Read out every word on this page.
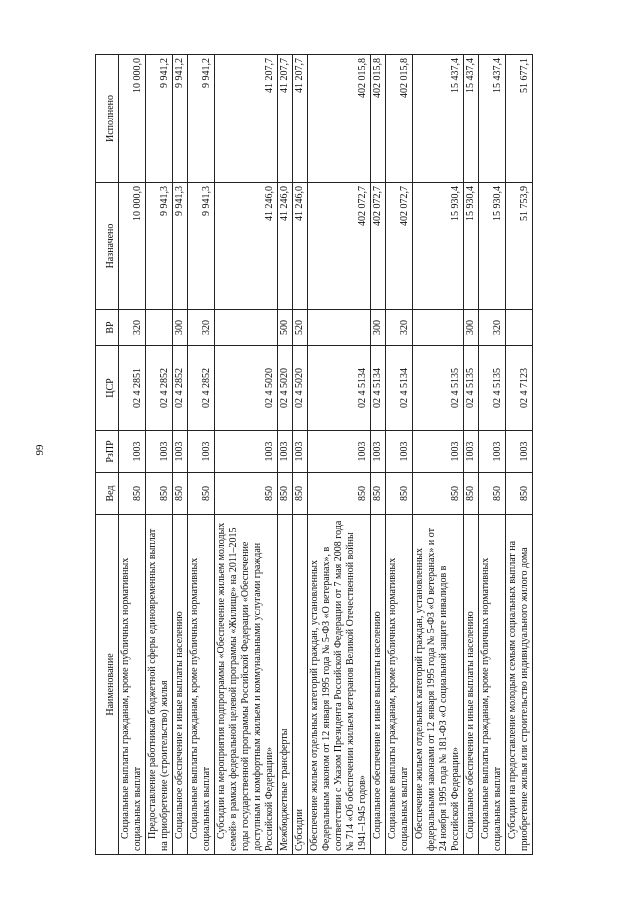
99
Наименование	Вед	РзПР	ЦСР	ВР	Назначено	Исполнено
Социальные выплаты гражданам, кроме публичных нормативных социальных выплат	850	1003	02 4 2851	320	10 000,0	10 000,0
Предоставление работникам бюджетной сферы единовременных выплат на приобретение (строительство) жилья	850	1003	02 4 2852		9 941,3	9 941,2
Социальное обеспечение и иные выплаты населению	850	1003	02 4 2852	300	9 941,3	9 941,2
Социальные выплаты гражданам, кроме публичных нормативных социальных выплат	850	1003	02 4 2852	320	9 941,3	9 941,2
Субсидии на мероприятия подпрограммы «Обеспечение жильем молодых семей» в рамках федеральной целевой программы «Жилище» на 2011–2015 годы государственной программы Российской Федерации «Обеспечение доступным и комфортным жильем и коммунальными услугами граждан Российской Федерации»	850	1003	02 4 5020		41 246,0	41 207,7
Межбюджетные трансферты	850	1003	02 4 5020	500	41 246,0	41 207,7
Субсидии	850	1003	02 4 5020	520	41 246,0	41 207,7
Обеспечение жильем отдельных категорий граждан, установленных Федеральным законом от 12 января 1995 года № 5-ФЗ «О ветеранах», в соответствии с Указом Президента Российской Федерации от 7 мая 2008 года № 714 «Об обеспечении жильем ветеранов Великой Отечественной войны 1941–1945 годов»	850	1003	02 4 5134		402 072,7	402 015,8
Социальное обеспечение и иные выплаты населению	850	1003	02 4 5134	300	402 072,7	402 015,8
Социальные выплаты гражданам, кроме публичных нормативных социальных выплат	850	1003	02 4 5134	320	402 072,7	402 015,8
Обеспечение жильем отдельных категорий граждан, установленных федеральными законами от 12 января 1995 года № 5-ФЗ «О ветеранах» и от 24 ноября 1995 года № 181-ФЗ «О социальной защите инвалидов в Российской Федерации»	850	1003	02 4 5135		15 930,4	15 437,4
Социальное обеспечение и иные выплаты населению	850	1003	02 4 5135	300	15 930,4	15 437,4
Социальные выплаты гражданам, кроме публичных нормативных социальных выплат	850	1003	02 4 5135	320	15 930,4	15 437,4
Субсидии на предоставление молодым семьям социальных выплат на приобретение жилья или строительство индивидуального жилого дома	850	1003	02 4 7123		51 753,9	51 677,1
